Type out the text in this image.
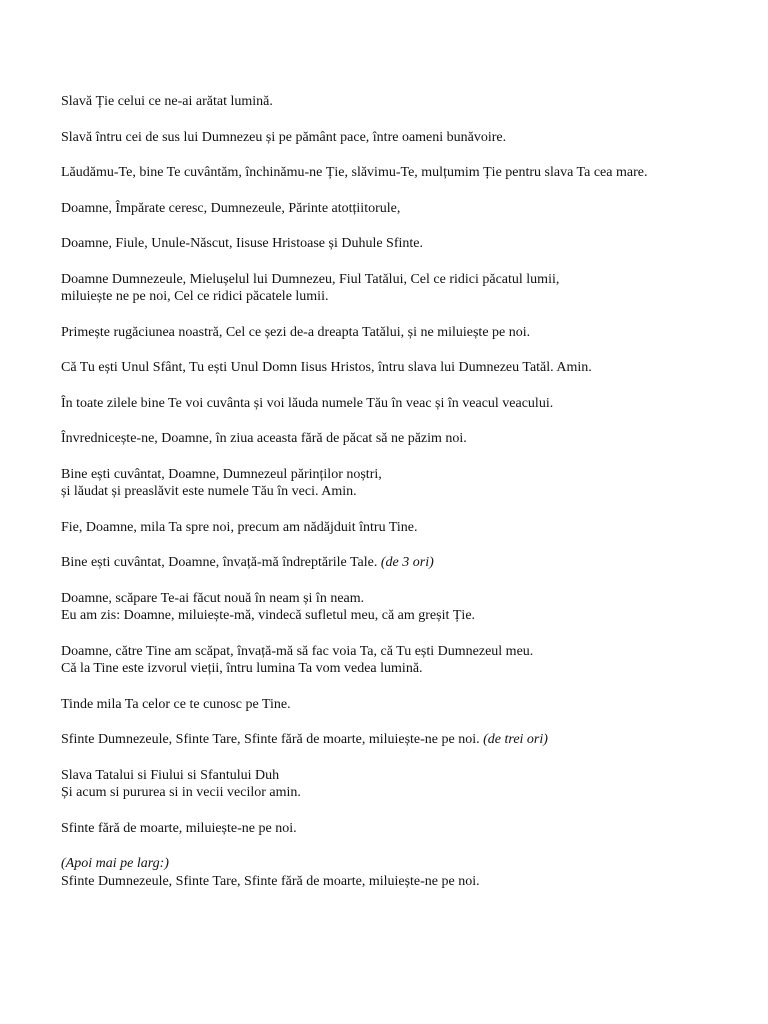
Slavă Ție celui ce ne-ai arătat lumină.

Slavă întru cei de sus lui Dumnezeu și pe pământ pace, între oameni bunăvoire.

Lăudămu-Te, bine Te cuvântăm, închinămu-ne Ție, slăvimu-Te, mulțumim Ție pentru slava Ta cea mare.

Doamne, Împărate ceresc, Dumnezeule, Părinte atotțiitorule,

Doamne, Fiule, Unule-Născut, Iisuse Hristoase și Duhule Sfinte.

Doamne Dumnezeule, Mielușelul lui Dumnezeu, Fiul Tatălui, Cel ce ridici păcatul lumii,
miluiește ne pe noi, Cel ce ridici păcatele lumii.

Primește rugăciunea noastră, Cel ce șezi de-a dreapta Tatălui, și ne miluiește pe noi.

Că Tu ești Unul Sfânt, Tu ești Unul Domn Iisus Hristos, întru slava lui Dumnezeu Tatăl. Amin.

În toate zilele bine Te voi cuvânta și voi lăuda numele Tău în veac și în veacul veacului.

Învrednicește-ne, Doamne, în ziua aceasta fără de păcat să ne păzim noi.

Bine ești cuvântat, Doamne, Dumnezeul părinților noștri,
și lăudat și preaslăvit este numele Tău în veci. Amin.

Fie, Doamne, mila Ta spre noi, precum am nădăjduit întru Tine.

Bine ești cuvântat, Doamne, învață-mă îndreptările Tale. (de 3 ori)

Doamne, scăpare Te-ai făcut nouă în neam și în neam.
Eu am zis: Doamne, miluiește-mă, vindecă sufletul meu, că am greșit Ție.

Doamne, către Tine am scăpat, învață-mă să fac voia Ta, că Tu ești Dumnezeul meu.
Că la Tine este izvorul vieții, întru lumina Ta vom vedea lumină.

Tinde mila Ta celor ce te cunosc pe Tine.

Sfinte Dumnezeule, Sfinte Tare, Sfinte fără de moarte, miluiește-ne pe noi. (de trei ori)

Slava Tatalui si Fiului si Sfantului Duh
Și acum si pururea si in vecii vecilor amin.

Sfinte fără de moarte, miluiește-ne pe noi.

(Apoi mai pe larg:)
Sfinte Dumnezeule, Sfinte Tare, Sfinte fără de moarte, miluiește-ne pe noi.
